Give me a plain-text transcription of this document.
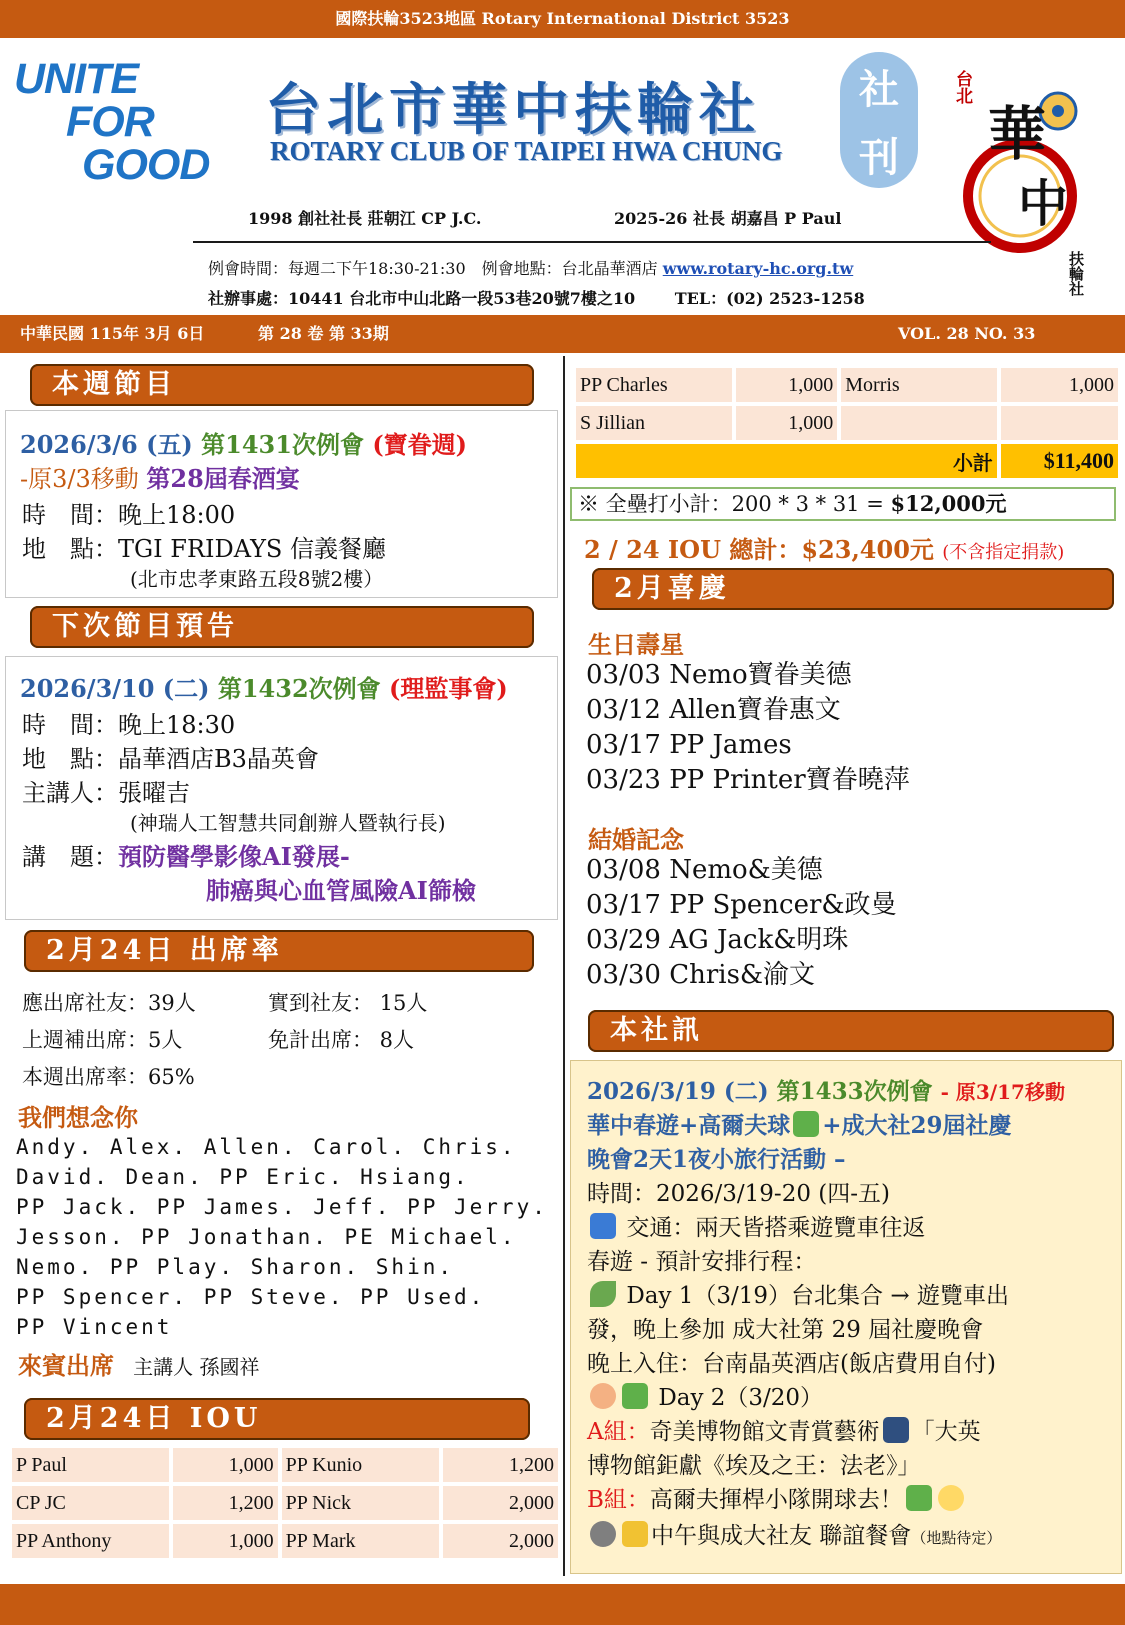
國際扶輪3523地區 Rotary International District 3523
UNITE
FOR
GOOD
台北市華中扶輪社
ROTARY CLUB OF TAIPEI HWA CHUNG
社
刊
台北
華
中
扶輪社
1998 創社社長 莊朝江 CP J.C.	2025-26 社長 胡嘉昌 P Paul
例會時間：每週二下午18:30-21:30　例會地點：台北晶華酒店 www.rotary-hc.org.tw
社辦事處：10441 台北市中山北路一段53巷20號7樓之10 TEL：(02) 2523-1258
中華民國 115年 3月 6日	第 28 卷 第 33期	VOL. 28 NO. 33
本週節目
2026/3/6 (五) 第1431次例會 (寶眷週)
-原3/3移動 第28屆春酒宴
時　間：晚上18:00
地　點：TGI FRIDAYS 信義餐廳
(北市忠孝東路五段8號2樓）
下次節目預告
2026/3/10 (二) 第1432次例會 (理監事會)
時　間：晚上18:30
地　點：晶華酒店B3晶英會
主講人：張曜吉
(神瑞人工智慧共同創辦人暨執行長)
講　題：預防醫學影像AI發展-
肺癌與心血管風險AI篩檢
2月24日 出席率
應出席社友：39人	實到社友： 15人
上週補出席：5人	免計出席： 8人
本週出席率：65%
我們想念你
Andy. Alex. Allen. Carol. Chris.
David. Dean. PP Eric. Hsiang.
PP Jack. PP James. Jeff. PP Jerry.
Jesson. PP Jonathan. PE Michael.
Nemo. PP Play. Sharon. Shin.
PP Spencer. PP Steve. PP Used.
PP Vincent
來賓出席 主講人 孫國祥
2月24日 IOU
P Paul	1,000	PP Kunio	1,200
CP JC	1,200	PP Nick	2,000
PP Anthony	1,000	PP Mark	2,000
PP Charles	1,000	Morris	1,000
S Jillian	1,000		
小計			$11,400
※ 全壘打小計：200 * 3 * 31 = $12,000元
2 / 24 IOU 總計：$23,400元 (不含指定捐款)
2月喜慶
生日壽星
03/03 Nemo寶眷美德
03/12 Allen寶眷惠文
03/17 PP James
03/23 PP Printer寶眷曉萍
結婚記念
03/08 Nemo&美德
03/17 PP Spencer&政曼
03/29 AG Jack&明珠
03/30 Chris&渝文
本社訊
2026/3/19 (二) 第1433次例會 - 原3/17移動
華中春遊+高爾夫球 +成大社29屆社慶
晚會2天1夜小旅行活動 –
時間：2026/3/19-20 (四-五)
交通：兩天皆搭乘遊覽車往返
春遊 - 預計安排行程：
Day 1（3/19）台北集合 → 遊覽車出
發，晚上參加 成大社第 29 屆社慶晚會
晚上入住：台南晶英酒店(飯店費用自付)
Day 2（3/20）
A組：奇美博物館文青賞藝術 「大英
博物館鉅獻《埃及之王：法老》」
B組：高爾夫揮桿小隊開球去！
中午與成大社友 聯誼餐會（地點待定）
